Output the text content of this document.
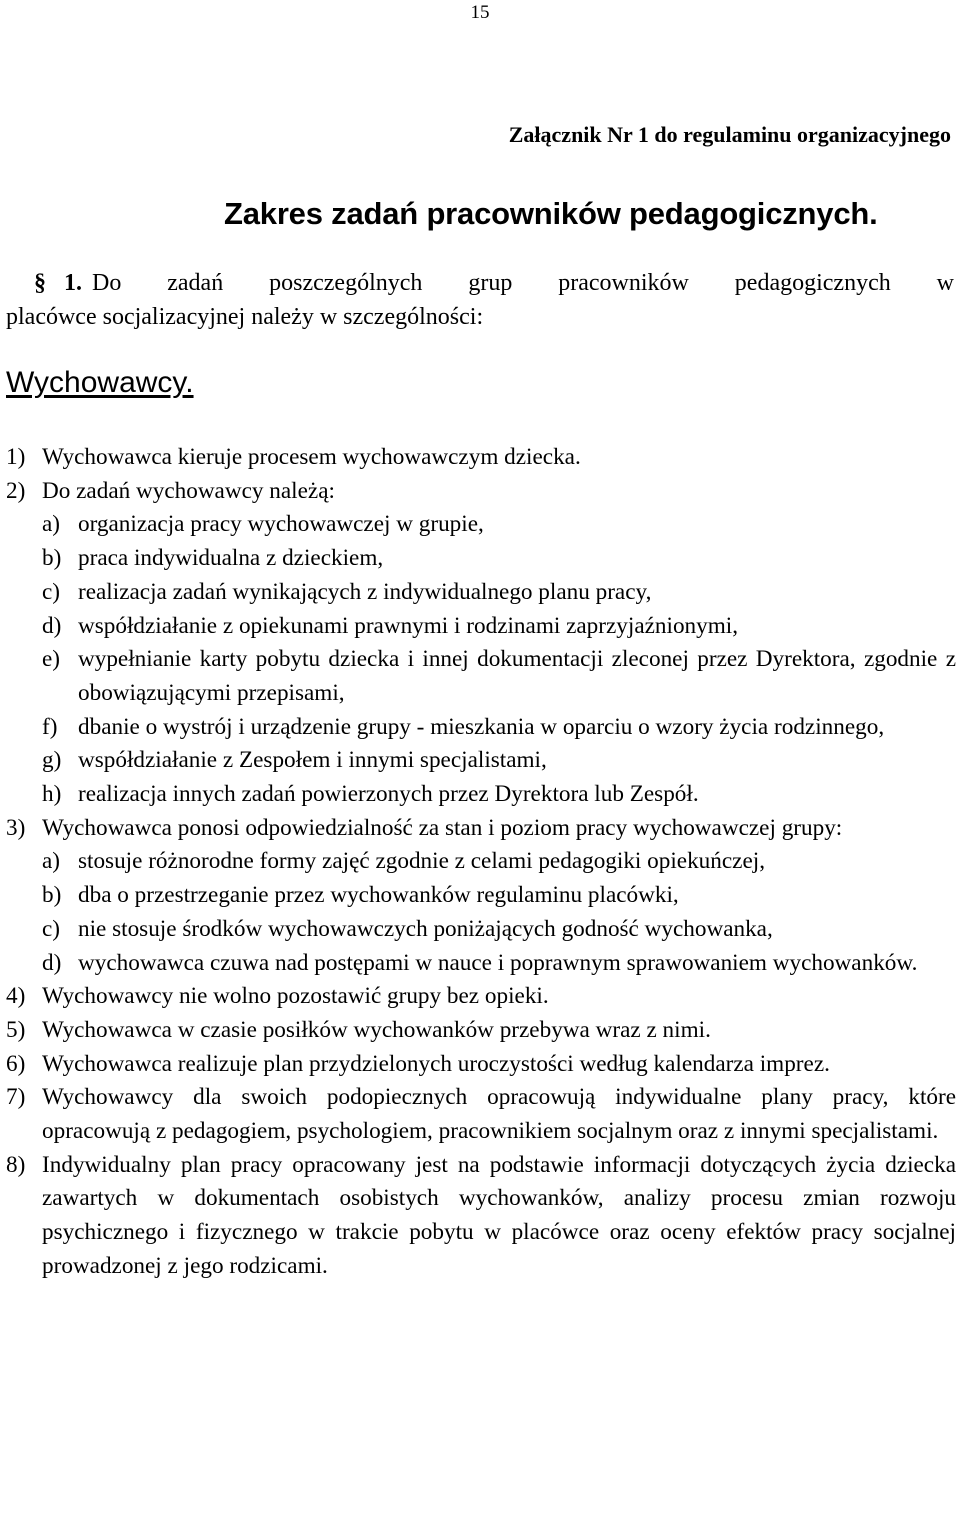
15
Załącznik Nr 1 do regulaminu organizacyjnego
Zakres zadań pracowników pedagogicznych.
§ 1. Do zadań poszczególnych grup pracowników pedagogicznych w
placówce socjalizacyjnej należy w szczególności:
Wychowawcy.
1) Wychowawca kieruje procesem wychowawczym dziecka.
2) Do zadań wychowawcy należą:
a) organizacja pracy wychowawczej w grupie,
b) praca indywidualna z dzieckiem,
c) realizacja zadań wynikających z indywidualnego planu pracy,
d) współdziałanie z opiekunami prawnymi i rodzinami zaprzyjaźnionymi,
e) wypełnianie karty pobytu dziecka i innej dokumentacji zleconej przez Dyrektora, zgodnie z obowiązującymi przepisami,
f) dbanie o wystrój i urządzenie grupy - mieszkania w oparciu o wzory życia rodzinnego,
g) współdziałanie z Zespołem i innymi specjalistami,
h) realizacja innych zadań powierzonych przez Dyrektora lub Zespół.
3) Wychowawca ponosi odpowiedzialność za stan i poziom pracy wychowawczej grupy:
a) stosuje różnorodne formy zajęć zgodnie z celami pedagogiki opiekuńczej,
b) dba o przestrzeganie przez wychowanków regulaminu placówki,
c) nie stosuje środków wychowawczych poniżających godność wychowanka,
d) wychowawca czuwa nad postępami w nauce i poprawnym sprawowaniem wychowanków.
4) Wychowawcy nie wolno pozostawić grupy bez opieki.
5) Wychowawca w czasie posiłków wychowanków przebywa wraz z nimi.
6) Wychowawca realizuje plan przydzielonych uroczystości według kalendarza imprez.
7) Wychowawcy dla swoich podopiecznych opracowują indywidualne plany pracy, które opracowują z pedagogiem, psychologiem, pracownikiem socjalnym oraz z innymi specjalistami.
8) Indywidualny plan pracy opracowany jest na podstawie informacji dotyczących życia dziecka zawartych w dokumentach osobistych wychowanków, analizy procesu zmian rozwoju psychicznego i fizycznego w trakcie pobytu w placówce oraz oceny efektów pracy socjalnej prowadzonej z jego rodzicami.
